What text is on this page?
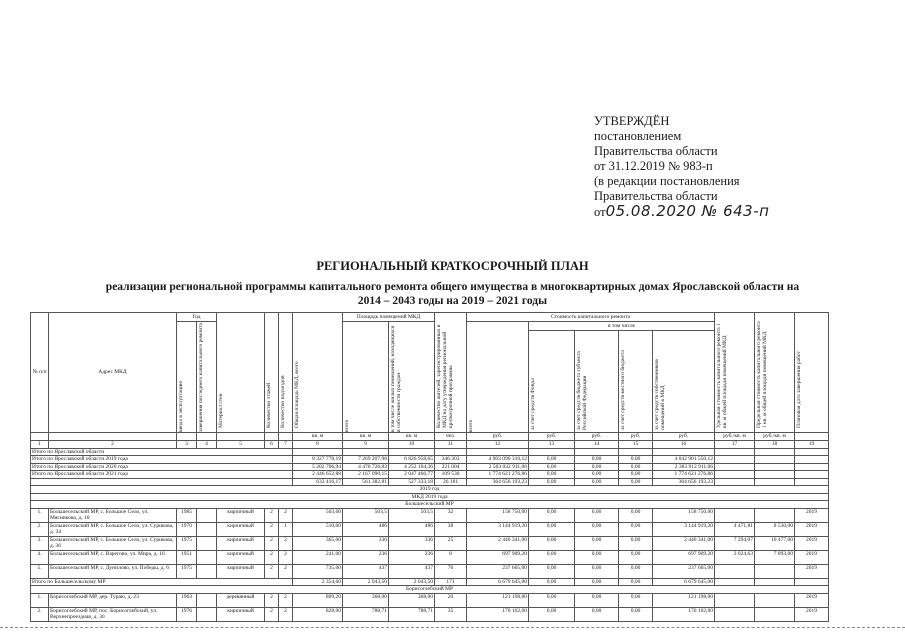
УТВЕРЖДЁН
постановлением
Правительства области
от 31.12.2019 № 983-п
(в редакции постановления
Правительства области
от05.08.2020 № 643-п
РЕГИОНАЛЬНЫЙ КРАТКОСРОЧНЫЙ ПЛАН
реализации региональной программы капитального ремонта общего имущества в многоквартирных домах Ярославской области на
2014 – 2043 годы на 2019 – 2021 годы
№ п/п	Адрес МКД	Год		Материал стен	Количество этажей	Количество подъездов	Общая площадь МКД, всего	Площадь помещений МКД		Количество жителей, зарегистрированных в МКД на дату утверждения региональной краткосрочной программы	Стоимость капитального ремонта					Удельная стоимость капитального ремонта 1 кв. м общей площади помещений МКД	Предельная стоимость капитального ремонта 1 кв. м общей площади помещений МКД	Плановая дата завершения работ

		ввода в эксплуатацию	завершения последнего капитального ремонта					всего	в том числе жилых помещений, находящихся в собственности граждан		всего	в том числе						

												за счет средств Фонда	за счет средств бюджета субъекта Российской Федерации	за счет средств местного бюджета	за счет средств собственников помещений в МКД			

							кв. м	кв. м	кв. м	чел.	руб.	руб.	руб.	руб.	руб.	руб./кв. м	руб./кв. м	
1	2	3	4	5	6	7	8	9	10	11	12	13	14	15	16	17	18	19
Итого по Ярославской области																		
Итого по Ярославской области 2019 года							8 327 778,19	7 269 207,98	6 826 958,65	346 303	4 903 090 310,12	0,00	0,00	0,00	4 642 901 550,12			
Итого по Ярославской области 2020 года							5 202 706,94	4 470 726,83	4 252 104,36	221 004	2 503 032 911,06	0,00	0,00	0,00	2 383 912 911,06			
Итого по Ярославской области 2021 года							2 446 652,88	2 167 090,15	2 047 466,77	109 530	1 774 621 276,86	0,00	0,00	0,00	1 774 621 276,86			
							633 416,17	561 382,81	527 333,18	26 181	364 656 193,23	0,00	0,00	0,00	364 656 193,23			
2019 год																		
МКД 2019 года																		
Большесельский МР																		
1.	Большесельский МР, с. Большое Село, ул. Мясникова, д. 18	1985		кирпичный	2	2	503,60	503,5	503,5	32	158 750,00	0,00	0,00	0,00	158 750,00			2019
2.	Большесельский МР, с. Большое Село, ул. Сурикова, д. 34	1970		кирпичный	2	1	510,00	486	486	38	3 144 919,20	0,00	0,00	0,00	3 144 919,20	4 471,81	8 530,00	2019
3.	Большесельский МР, с. Большое Село, ул. Сурикова, д. 36	1975		кирпичный	2	2	365,00	336	336	25	2 440 341,00	0,00	0,00	0,00	2 440 341,00	7 294,07	10 477,00	2019
4.	Большесельский МР, с. Вареговo, ул. Мира, д. 16	1951		кирпичный	2	2	241,00	236	236	8	697 909,20	0,00	0,00	0,00	697 909,20	3 024,63	7 893,00	2019
5.	Большесельский МР, с. Дуниловo, ул. Победы, д. 6	1975		кирпичный	2	2	735,00	437	437	76	237 665,00	0,00	0,00	0,00	237 665,00			2019
Итого по Большесельскому МР							2 354,60	2 043,50	2 043,50	171	6 679 645,00	0,00	0,00	0,00	6 679 645,00			
Борисоглебский МР																		
1.	Борисоглебский МР, дер. Тураю, д. 23	1963		деревянный	2	2	809,20	368,00	368,00	20	121 198,00	0,00	0,00	0,00	121 198,00			2019
2.	Борисоглебский МР, пос. Борисоглебский, ул. Верхнепроездная, д. 30	1976		кирпичный	2	2	828,00	788,71	788,71	35	170 102,00	0,00	0,00	0,00	170 102,00			2019
